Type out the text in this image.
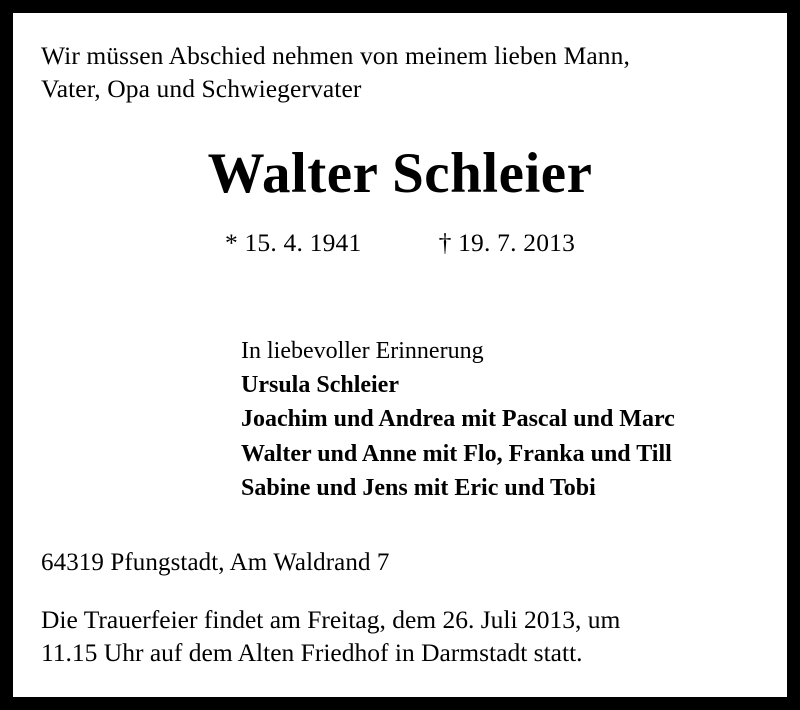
Wir müssen Abschied nehmen von meinem lieben Mann,
Vater, Opa und Schwiegervater
Walter Schleier
* 15. 4. 1941	† 19. 7. 2013
In liebevoller Erinnerung
Ursula Schleier
Joachim und Andrea mit Pascal und Marc
Walter und Anne mit Flo, Franka und Till
Sabine und Jens mit Eric und Tobi
64319 Pfungstadt, Am Waldrand 7
Die Trauerfeier findet am Freitag, dem 26. Juli 2013, um
11.15 Uhr auf dem Alten Friedhof in Darmstadt statt.
